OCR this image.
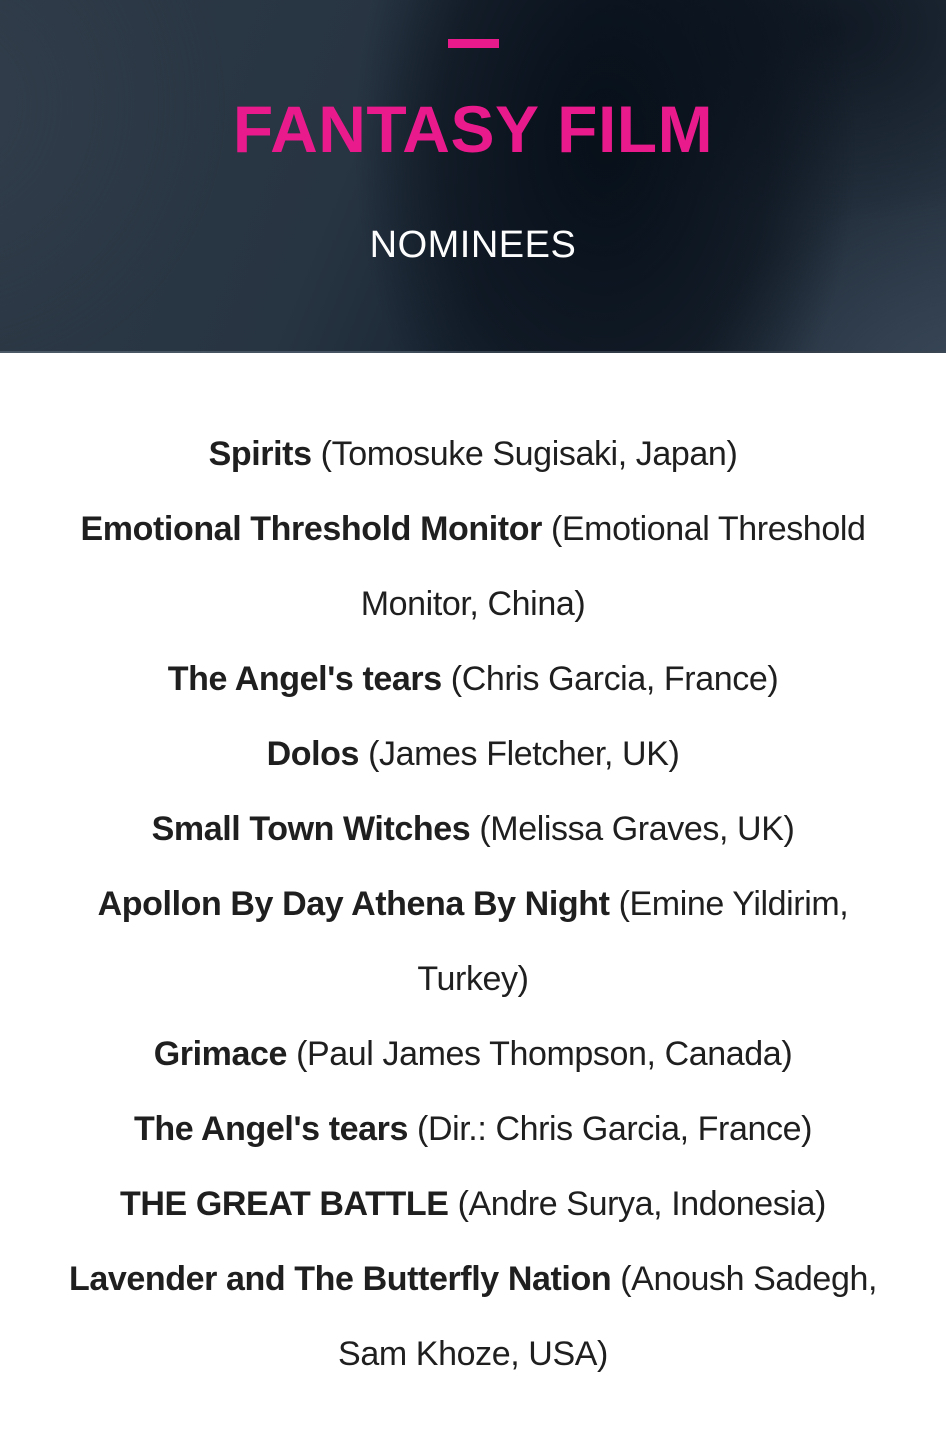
FANTASY FILM
NOMINEES

Spirits (Tomosuke Sugisaki, Japan)

Emotional Threshold Monitor (Emotional Threshold Monitor, China)

The Angel's tears (Chris Garcia, France)

Dolos (James Fletcher, UK)

Small Town Witches (Melissa Graves, UK)

Apollon By Day Athena By Night (Emine Yildirim, Turkey)

Grimace (Paul James Thompson, Canada)

The Angel's tears (Dir.: Chris Garcia, France)

THE GREAT BATTLE (Andre Surya, Indonesia)

Lavender and The Butterfly Nation (Anoush Sadegh, Sam Khoze, USA)
